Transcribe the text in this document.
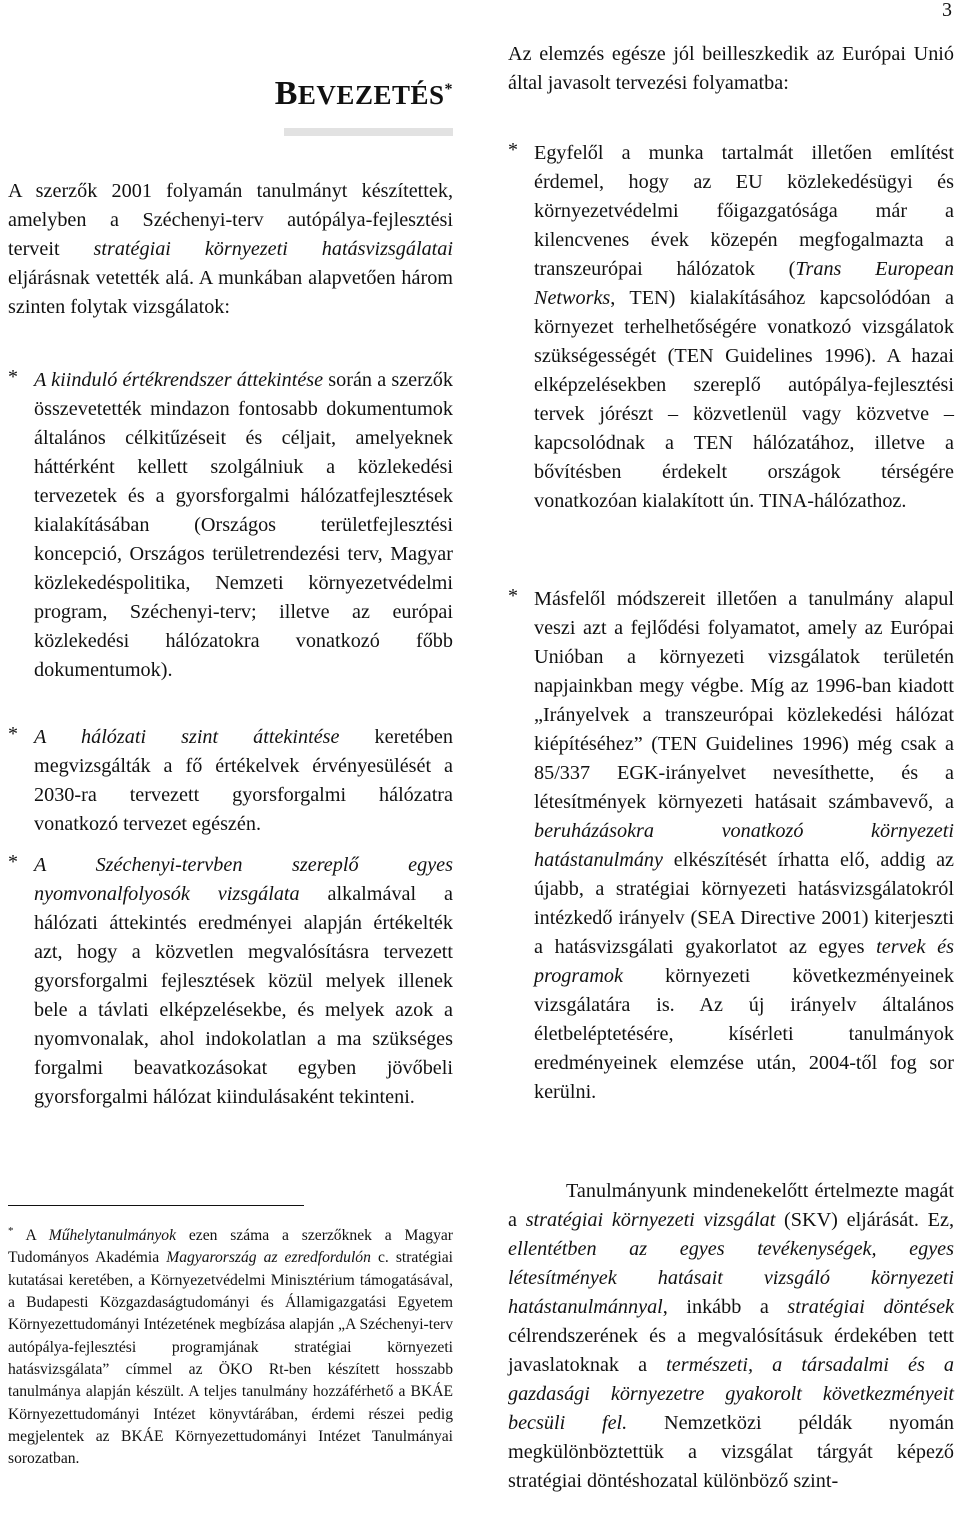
3
BEVEZETÉS*

A szerzők 2001 folyamán tanulmányt készítettek, amelyben a Széchenyi-terv autópálya-fejlesztési terveit stratégiai környezeti hatásvizsgálatai eljárásnak vetették alá. A munkában alapvetően három szinten folytak vizsgálatok:

* A kiinduló értékrendszer áttekintése során a szerzők összevetették mindazon fontosabb dokumentumok általános célkitűzéseit és céljait, amelyeknek háttérként kellett szolgálniuk a közlekedési tervezetek és a gyorsforgalmi hálózatfejlesztések kialakításában (Országos területfejlesztési koncepció, Országos területrendezési terv, Magyar közlekedéspolitika, Nemzeti környezetvédelmi program, Széchenyi-terv; illetve az európai közlekedési hálózatokra vonatkozó főbb dokumentumok).

* A hálózati szint áttekintése keretében megvizsgálták a fő értékelvek érvényesülését a 2030-ra tervezett gyorsforgalmi hálózatra vonatkozó tervezet egészén.

* A Széchenyi-tervben szereplő egyes nyomvonalfolyosók vizsgálata alkalmával a hálózati áttekintés eredményei alapján értékelték azt, hogy a közvetlen megvalósításra tervezett gyorsforgalmi fejlesztések közül melyek illenek bele a távlati elképzelésekbe, és melyek azok a nyomvonalak, ahol indokolatlan a ma szükséges forgalmi beavatkozásokat egyben jövőbeli gyorsforgalmi hálózat kiindulásaként tekinteni.

* A Műhelytanulmányok ezen száma a szerzőknek a Magyar Tudományos Akadémia Magyarország az ezredfordulón c. stratégiai kutatásai keretében, a Környezetvédelmi Minisztérium támogatásával, a Budapesti Közgazdaságtudományi és Államigazgatási Egyetem Környezettudományi Intézetének megbízása alapján „A Széchenyi-terv autópálya-fejlesztési programjának stratégiai környezeti hatásvizsgálata” címmel az ÖKO Rt-ben készített hosszabb tanulmánya alapján készült. A teljes tanulmány hozzáférhető a BKÁE Környezettudományi Intézet könyvtárában, érdemi részei pedig megjelentek az BKÁE Környezettudományi Intézet Tanulmányai sorozatban.

Az elemzés egésze jól beilleszkedik az Európai Unió által javasolt tervezési folyamatba:

* Egyfelől a munka tartalmát illetően említést érdemel, hogy az EU közlekedésügyi és környezetvédelmi főigazgatósága már a kilencvenes évek közepén megfogalmazta a transzeurópai hálózatok (Trans European Networks, TEN) kialakításához kapcsolódóan a környezet terhelhetőségére vonatkozó vizsgálatok szükségességét (TEN Guidelines 1996). A hazai elképzelésekben szereplő autópálya-fejlesztési tervek jórészt – közvetlenül vagy közvetve – kapcsolódnak a TEN hálózatához, illetve a bővítésben érdekelt országok térségére vonatkozóan kialakított ún. TINA-hálózathoz.

* Másfelől módszereit illetően a tanulmány alapul veszi azt a fejlődési folyamatot, amely az Európai Unióban a környezeti vizsgálatok területén napjainkban megy végbe. Míg az 1996-ban kiadott „Irányelvek a transzeurópai közlekedési hálózat kiépítéséhez” (TEN Guidelines 1996) még csak a 85/337 EGK-irányelvet nevesíthette, és a létesítmények környezeti hatásait számbavevő, a beruházásokra vonatkozó környezeti hatástanulmány elkészítését írhatta elő, addig az újabb, a stratégiai környezeti hatásvizsgálatokról intézkedő irányelv (SEA Directive 2001) kiterjeszti a hatásvizsgálati gyakorlatot az egyes tervek és programok környezeti következményeinek vizsgálatára is. Az új irányelv általános életbeléptetésére, kísérleti tanulmányok eredményeinek elemzése után, 2004-től fog sor kerülni.

Tanulmányunk mindenekelőtt értelmezte magát a stratégiai környezeti vizsgálat (SKV) eljárását. Ez, ellentétben az egyes tevékenységek, egyes létesítmények hatásait vizsgáló környezeti hatástanulmánnyal, inkább a stratégiai döntések célrendszerének és a megvalósításuk érdekében tett javaslatoknak a természeti, a társadalmi és a gazdasági környezetre gyakorolt következményeit becsüli fel. Nemzetközi példák nyomán megkülönböztettük a vizsgálat tárgyát képező stratégiai döntéshozatal különböző szint-
